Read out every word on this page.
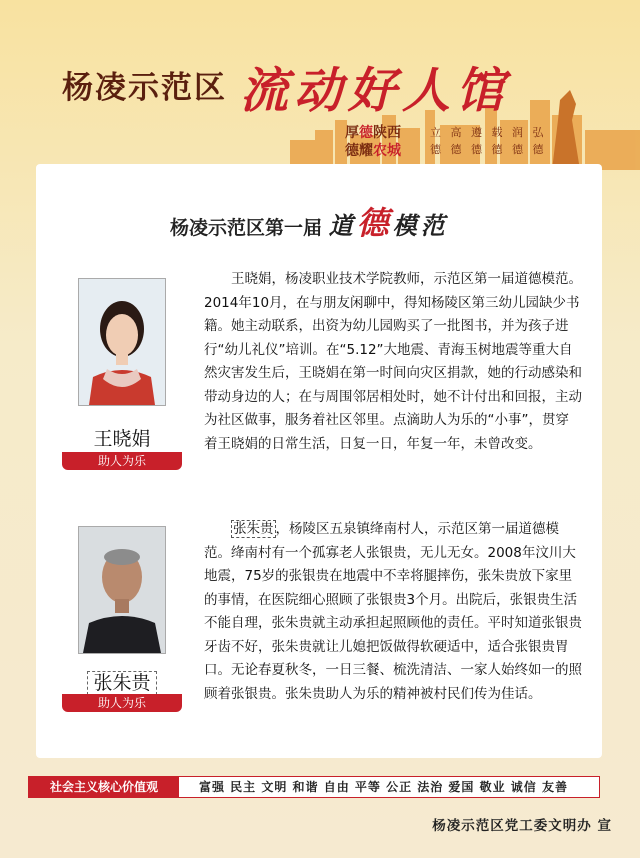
杨凌示范区 流动好人馆
厚德陕西
德耀农城
立 高 遵 载 润 弘
德 德 德 德 德 德
杨凌示范区第一届 道德模范
王晓娟
助人为乐

王晓娟，杨凌职业技术学院教师，示范区第一届道德模范。2014年10月，在与朋友闲聊中，得知杨陵区第三幼儿园缺少书籍。她主动联系，出资为幼儿园购买了一批图书，并为孩子进行“幼儿礼仪”培训。在“5.12”大地震、青海玉树地震等重大自然灾害发生后，王晓娟在第一时间向灾区捐款，她的行动感染和带动身边的人；在与周围邻居相处时，她不计付出和回报，主动为社区做事，服务着社区邻里。点滴助人为乐的“小事”，贯穿着王晓娟的日常生活，日复一日，年复一年，未曾改变。

张朱贵
助人为乐

张朱贵 ，杨陵区五泉镇绛南村人，示范区第一届道德模范。绛南村有一个孤寡老人张银贵，无儿无女。2008年汶川大地震，75岁的张银贵在地震中不幸将腿摔伤，张朱贵放下家里的事情，在医院细心照顾了张银贵3个月。出院后，张银贵生活不能自理，张朱贵就主动承担起照顾他的责任。平时知道张银贵牙齿不好，张朱贵就让儿媳把饭做得软硬适中，适合张银贵胃口。无论春夏秋冬，一日三餐、梳洗清洁、一家人始终如一的照顾着张银贵。张朱贵助人为乐的精神被村民们传为佳话。

社会主义核心价值观	富强 民主 文明 和谐 自由 平等 公正 法治 爱国 敬业 诚信 友善
杨凌示范区党工委文明办 宣
